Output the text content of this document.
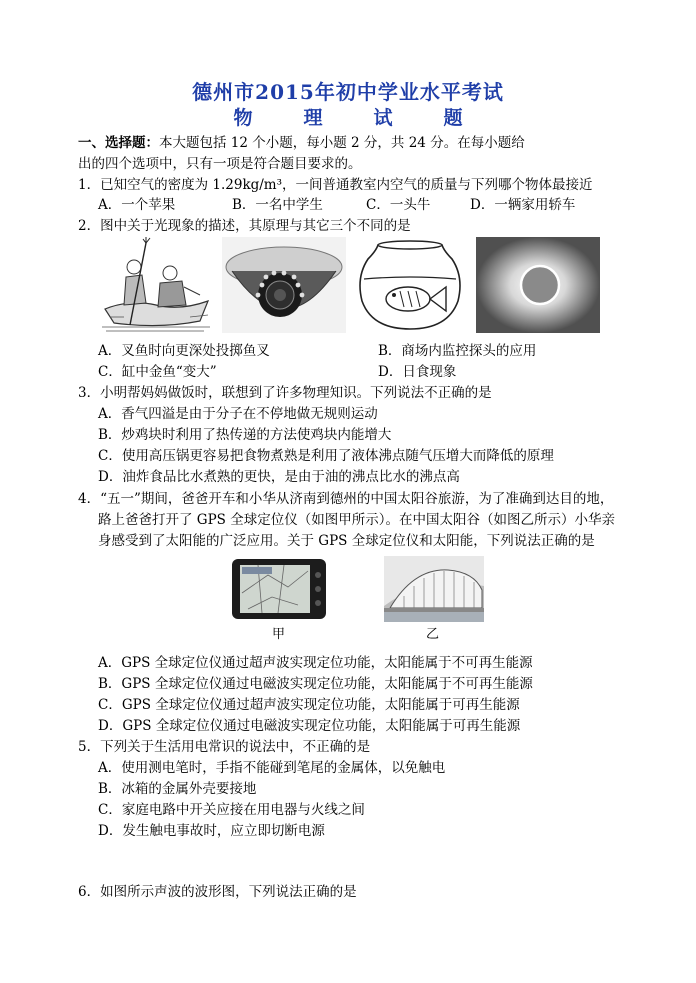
德州市2015年初中学业水平考试
物　理　试　题
一、选择题：本大题包括 12 个小题，每小题 2 分，共 24 分。在每小题给
出的四个选项中，只有一项是符合题目要求的。
1．已知空气的密度为 1.29kg/m³，一间普通教室内空气的质量与下列哪个物体最接近
A．一个苹果	B．一名中学生	C．一头牛	D．一辆家用轿车
2．图中关于光现象的描述，其原理与其它三个不同的是
A．叉鱼时向更深处投掷鱼叉	B．商场内监控探头的应用
C．缸中金鱼“变大”	D．日食现象
3．小明帮妈妈做饭时，联想到了许多物理知识。下列说法不正确的是
A．香气四溢是由于分子在不停地做无规则运动
B．炒鸡块时利用了热传递的方法使鸡块内能增大
C．使用高压锅更容易把食物煮熟是利用了液体沸点随气压增大而降低的原理
D．油炸食品比水煮熟的更快，是由于油的沸点比水的沸点高
4．“五一”期间，爸爸开车和小华从济南到德州的中国太阳谷旅游，为了准确到达目的地，
路上爸爸打开了 GPS 全球定位仪（如图甲所示）。在中国太阳谷（如图乙所示）小华亲
身感受到了太阳能的广泛应用。关于 GPS 全球定位仪和太阳能，下列说法正确的是
甲	乙
A．GPS 全球定位仪通过超声波实现定位功能，太阳能属于不可再生能源
B．GPS 全球定位仪通过电磁波实现定位功能，太阳能属于不可再生能源
C．GPS 全球定位仪通过超声波实现定位功能，太阳能属于可再生能源
D．GPS 全球定位仪通过电磁波实现定位功能，太阳能属于可再生能源
5．下列关于生活用电常识的说法中，不正确的是
A．使用测电笔时，手指不能碰到笔尾的金属体，以免触电
B．冰箱的金属外壳要接地
C．家庭电路中开关应接在用电器与火线之间
D．发生触电事故时，应立即切断电源
6．如图所示声波的波形图，下列说法正确的是
